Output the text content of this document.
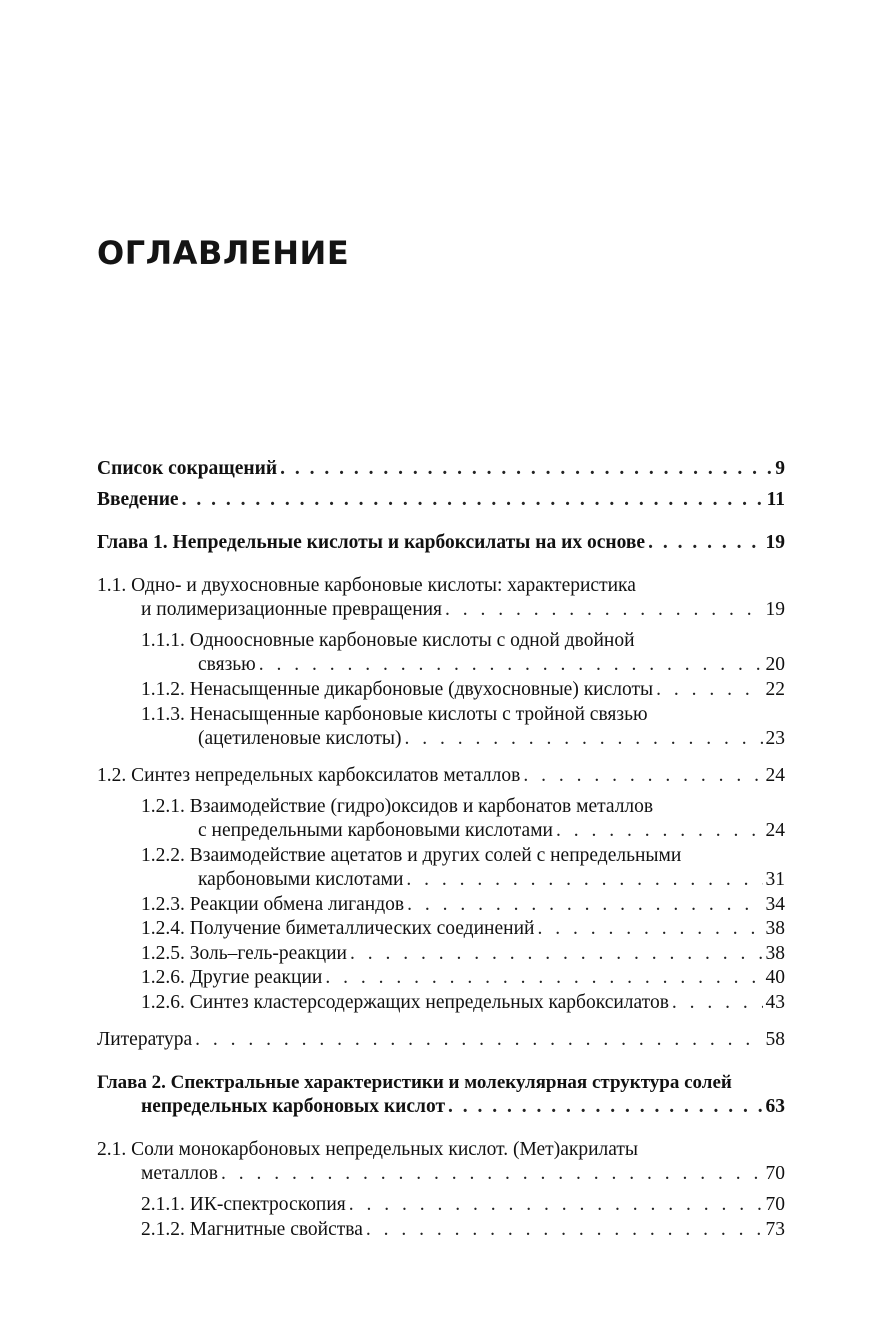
ОГЛАВЛЕНИЕ
Список сокращений . . .	9
Введение . . .	11
Глава 1. Непредельные кислоты и карбоксилаты на их основе . . .	19
1.1. Одно- и двухосновные карбоновые кислоты: характеристика
и полимеризационные превращения . . .	19
1.1.1. Одноосновные карбоновые кислоты с одной двойной
связью . . .	20
1.1.2. Ненасыщенные дикарбоновые (двухосновные) кислоты . . .	22
1.1.3. Ненасыщенные карбоновые кислоты с тройной связью
(ацетиленовые кислоты) . . .	23
1.2. Синтез непредельных карбоксилатов металлов . . .	24
1.2.1. Взаимодействие (гидро)оксидов и карбонатов металлов
с непредельными карбоновыми кислотами . . .	24
1.2.2. Взаимодействие ацетатов и других солей с непредельными
карбоновыми кислотами . . .	31
1.2.3. Реакции обмена лигандов . . .	34
1.2.4. Получение биметаллических соединений . . .	38
1.2.5. Золь–гель-реакции . . .	38
1.2.6. Другие реакции . . .	40
1.2.6. Синтез кластерсодержащих непредельных карбоксилатов . . .	43
Литература . . .	58
Глава 2. Спектральные характеристики и молекулярная структура солей
непредельных карбоновых кислот . . .	63
2.1. Соли монокарбоновых непредельных кислот. (Мет)акрилаты
металлов . . .	70
2.1.1. ИК-спектроскопия . . .	70
2.1.2. Магнитные свойства . . .	73
